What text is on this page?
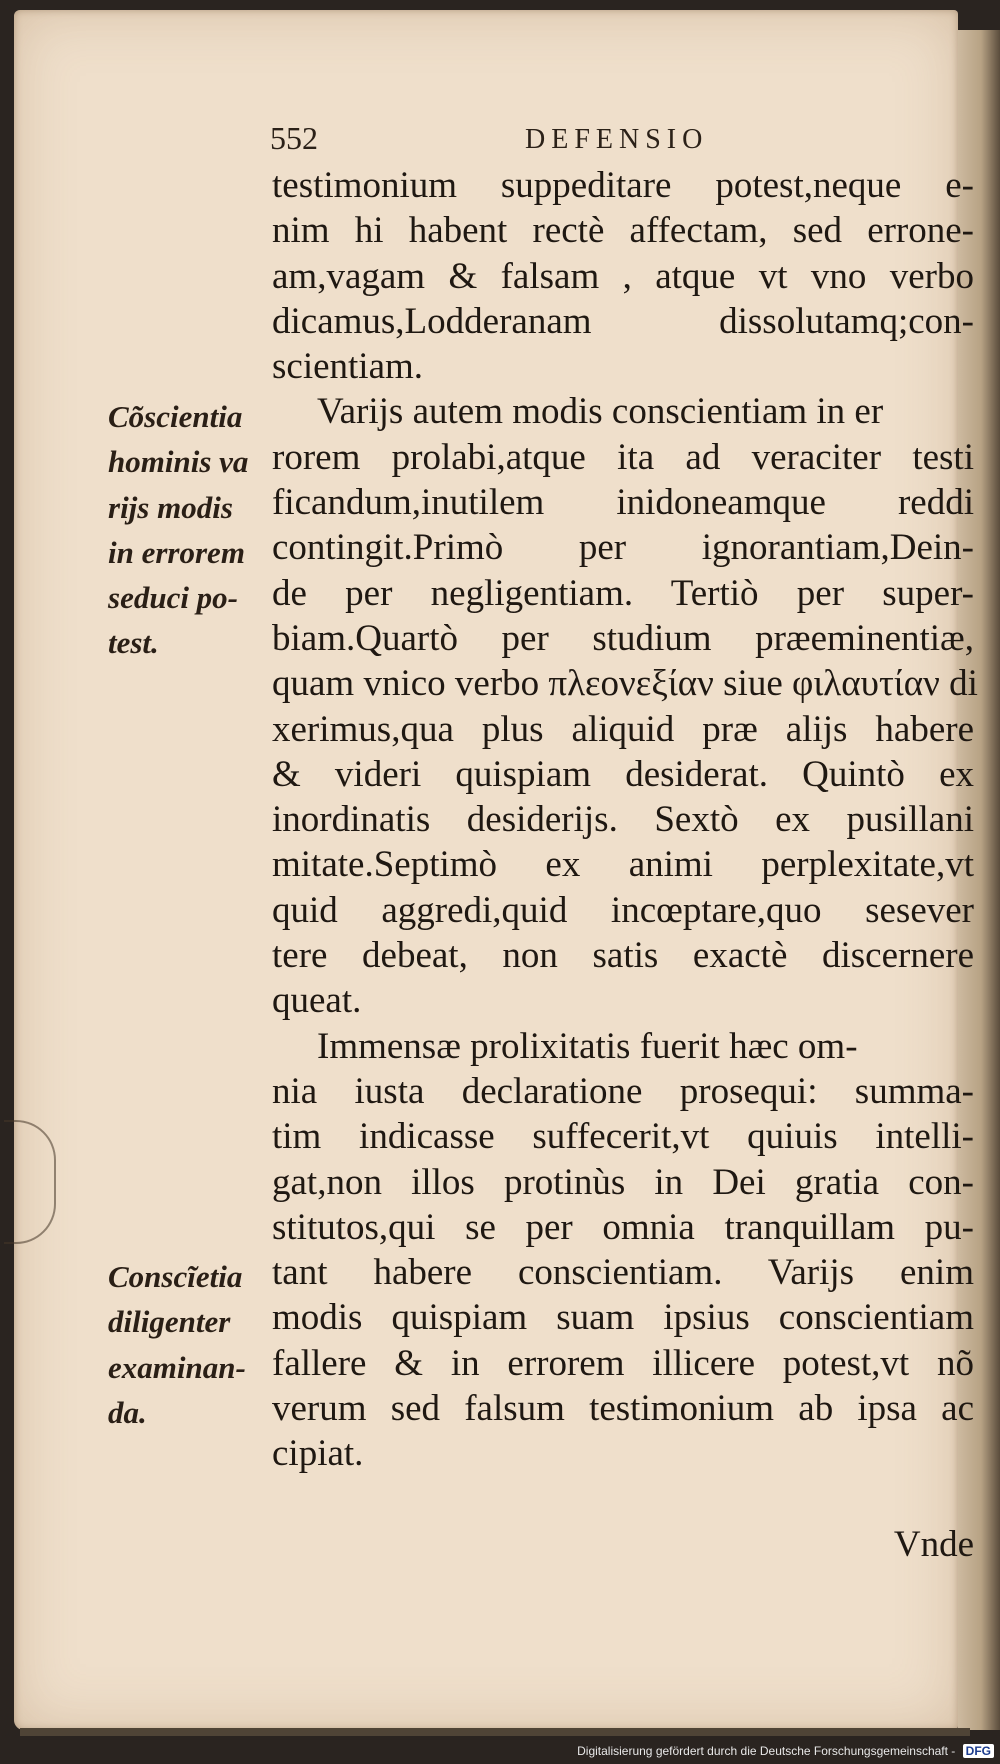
552	DEFENSIO
testimonium suppeditare potest,neque e-
nim hi habent rectè affectam, sed errone-
am,vagam & falsam , atque vt vno verbo
dicamus,Lodderanam dissolutamq;con-
scientiam.
Varijs autem modis conscientiam in er
rorem prolabi,atque ita ad veraciter testi
ficandum,inutilem inidoneamque reddi
contingit.Primò per ignorantiam,Dein-
de per negligentiam. Tertiò per super-
biam.Quartò per studium præeminentiæ,
quam vnico verbo πλεονεξίαν siue φιλαυτίαν di
xerimus,qua plus aliquid præ alijs habere
& videri quispiam desiderat. Quintò ex
inordinatis desiderijs. Sextò ex pusillani
mitate.Septimò ex animi perplexitate,vt
quid aggredi,quid incœptare,quo sesever
tere debeat, non satis exactè discernere
queat.
Immensæ prolixitatis fuerit hæc om-
nia iusta declaratione prosequi: summa-
tim indicasse suffecerit,vt quiuis intelli-
gat,non illos protinùs in Dei gratia con-
stitutos,qui se per omnia tranquillam pu-
tant habere conscientiam. Varijs enim
modis quispiam suam ipsius conscientiam
fallere & in errorem illicere potest,vt nõ
verum sed falsum testimonium ab ipsa ac
cipiat.
Vnde
Cõscientia
hominis va
rijs modis
in errorem
seduci po-
test.
Conscĩetia
diligenter
examinan-
da.
Digitalisierung gefördert durch die Deutsche Forschungsgemeinschaft - DFG
